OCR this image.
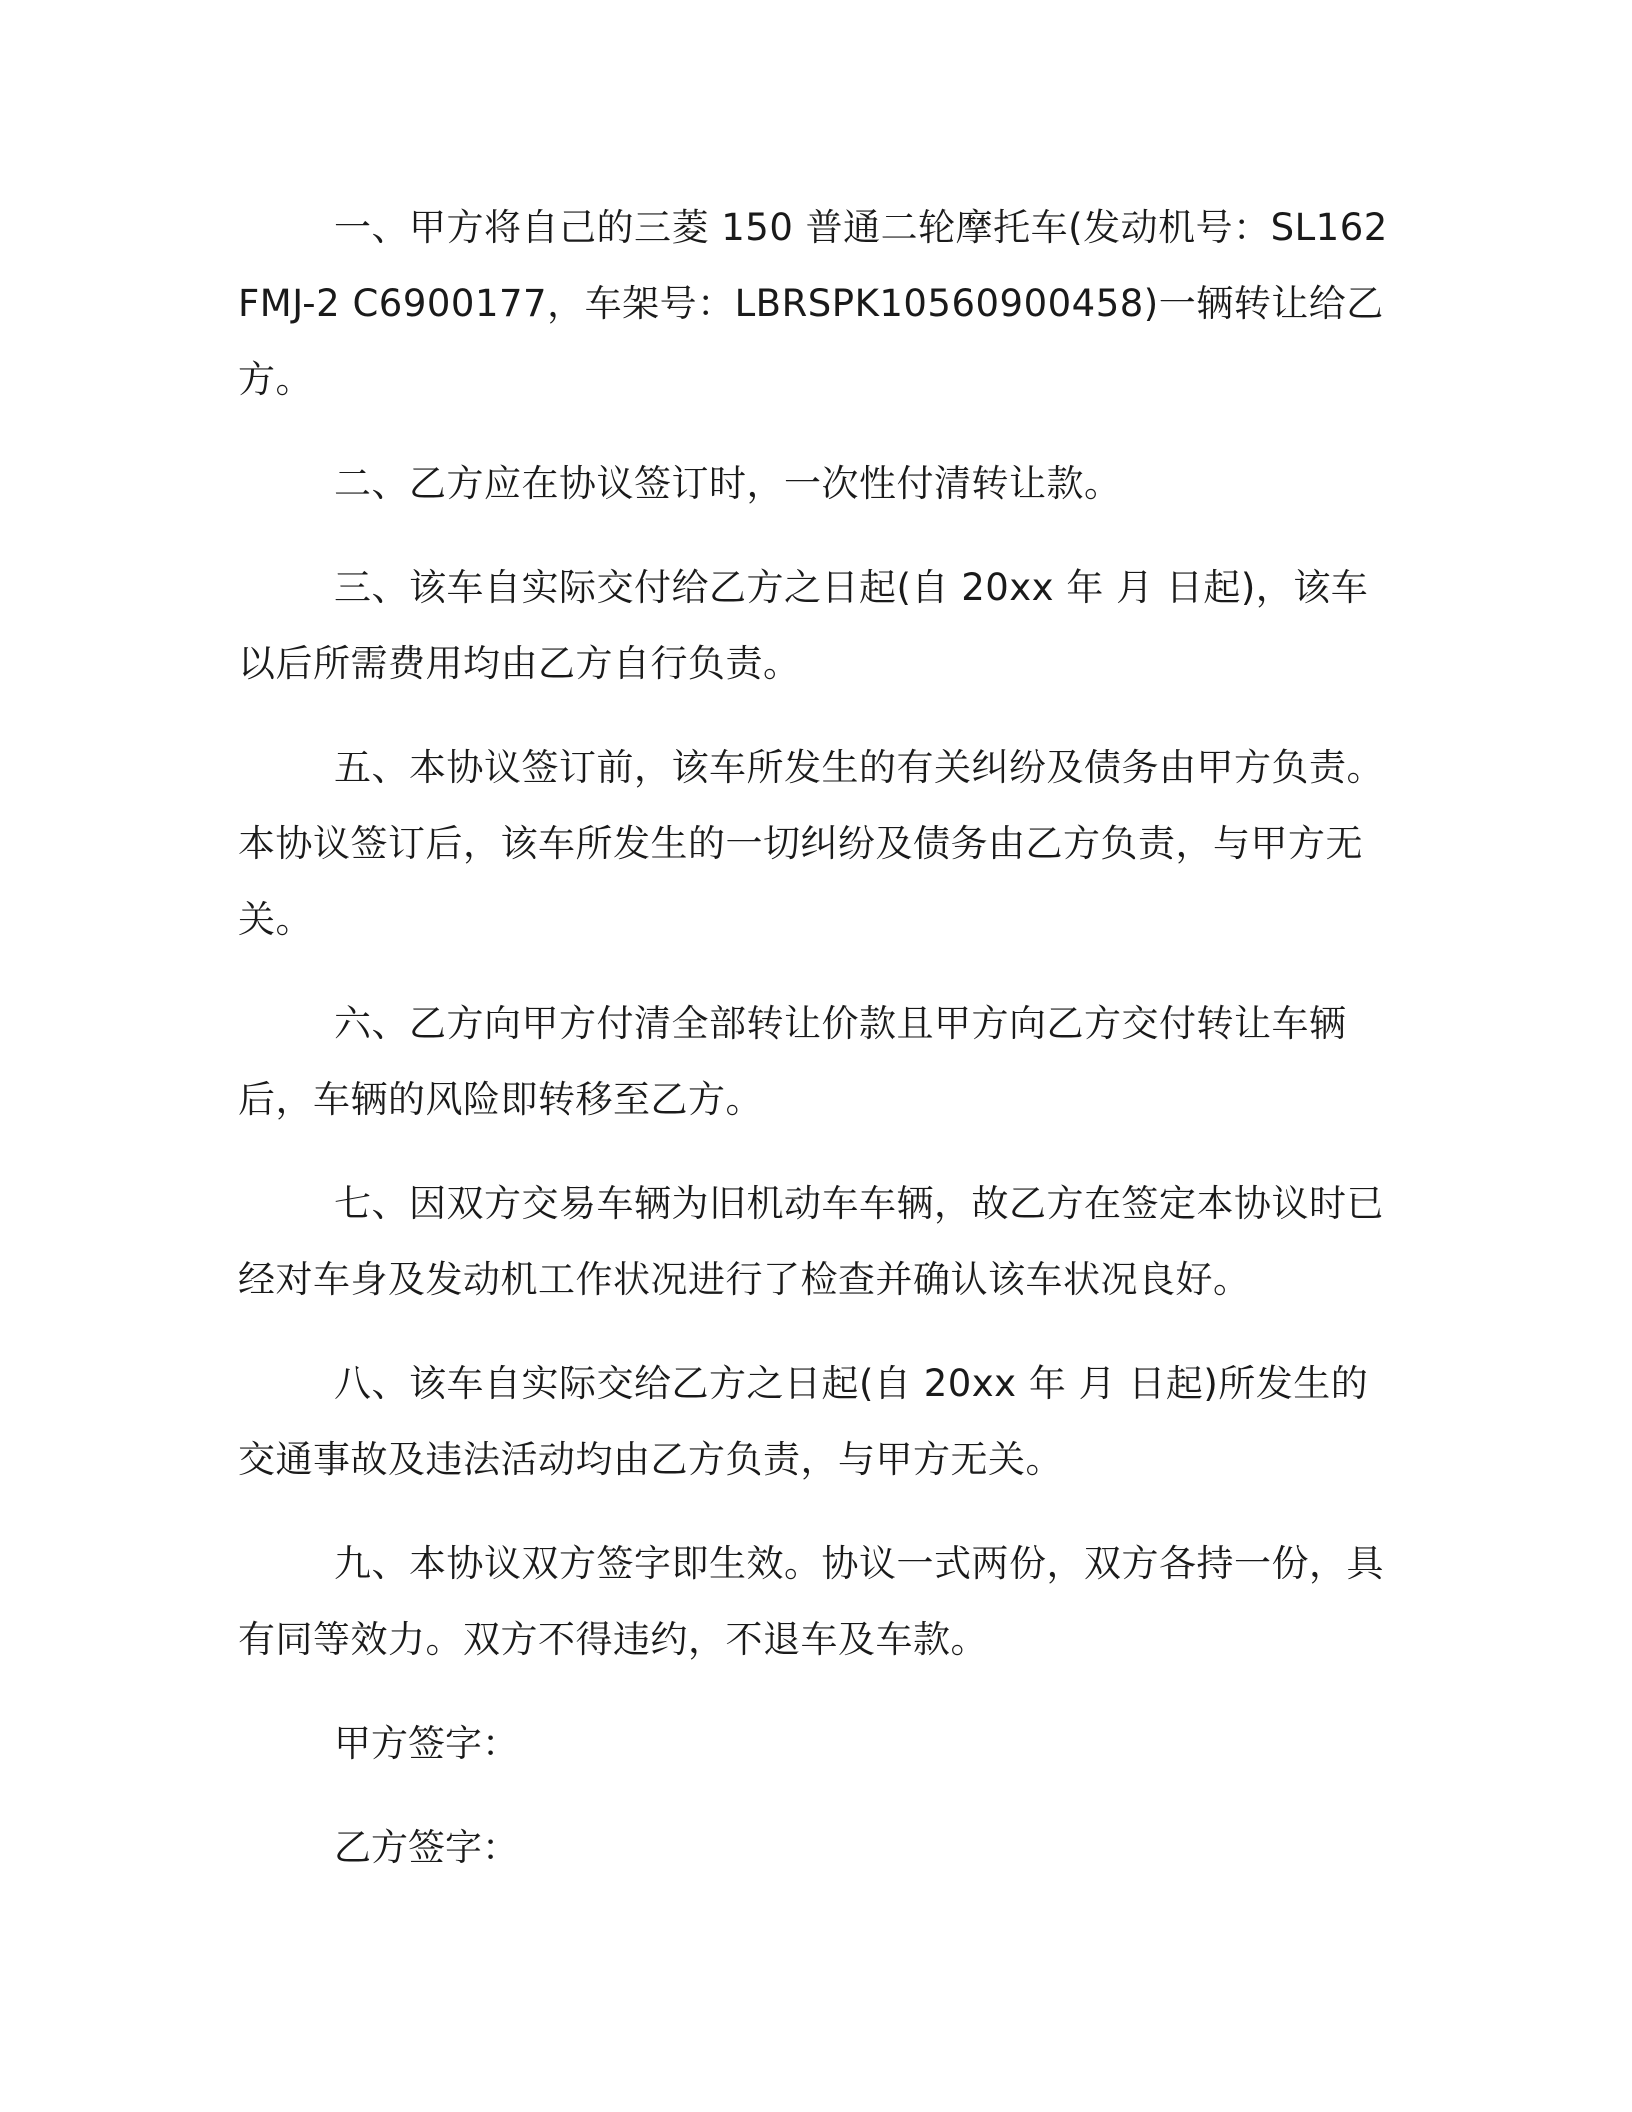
一、甲方将自己的三菱 150 普通二轮摩托车(发动机号：SL162FMJ-2 C6900177，车架号：LBRSPK10560900458)一辆转让给乙方。

二、乙方应在协议签订时，一次性付清转让款。

三、该车自实际交付给乙方之日起(自 20xx 年 月 日起)，该车以后所需费用均由乙方自行负责。

五、本协议签订前，该车所发生的有关纠纷及债务由甲方负责。本协议签订后，该车所发生的一切纠纷及债务由乙方负责，与甲方无关。

六、乙方向甲方付清全部转让价款且甲方向乙方交付转让车辆后，车辆的风险即转移至乙方。

七、因双方交易车辆为旧机动车车辆，故乙方在签定本协议时已经对车身及发动机工作状况进行了检查并确认该车状况良好。

八、该车自实际交给乙方之日起(自 20xx 年 月 日起)所发生的交通事故及违法活动均由乙方负责，与甲方无关。

九、本协议双方签字即生效。协议一式两份，双方各持一份，具有同等效力。双方不得违约，不退车及车款。

甲方签字：

乙方签字：
